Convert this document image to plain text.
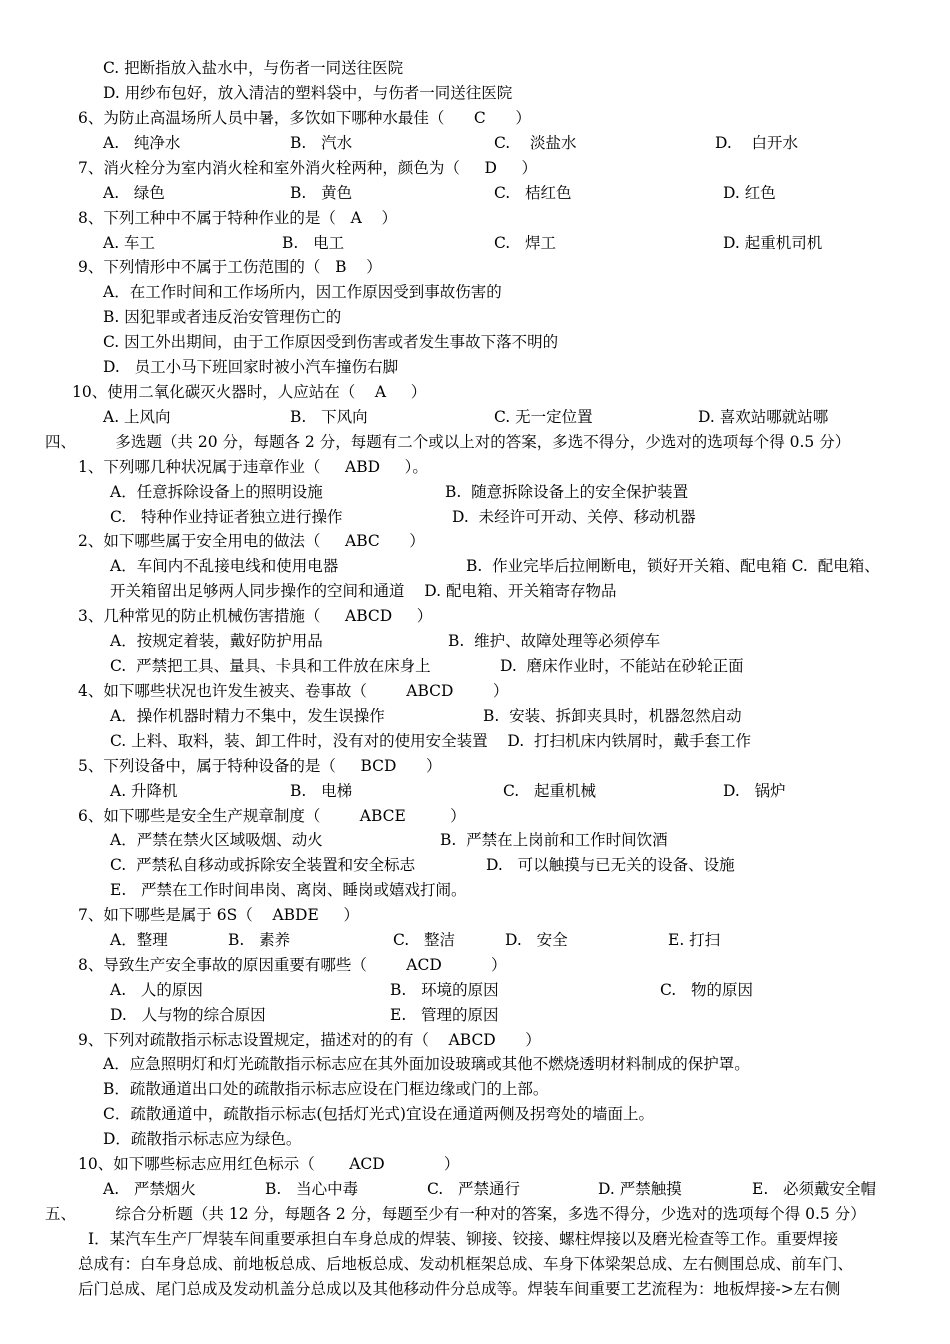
C. 把断指放入盐水中，与伤者一同送往医院
D. 用纱布包好，放入清洁的塑料袋中，与伤者一同送往医院
6、为防止高温场所人员中暑，多饮如下哪种水最佳（      C      ）
A.   纯净水	B.   汽水	C.    淡盐水	D.    白开水
7、消火栓分为室内消火栓和室外消火栓两种，颜色为（     D     ）
A.   绿色	B.   黄色	C.   桔红色	D. 红色
8、下列工种中不属于特种作业的是（   A    ）
A. 车工	B.   电工	C.   焊工	D. 起重机司机
9、下列情形中不属于工伤范围的（   B    ）
A．在工作时间和工作场所内，因工作原因受到事故伤害的
B. 因犯罪或者违反治安管理伤亡的
C. 因工外出期间，由于工作原因受到伤害或者发生事故下落不明的
D.   员工小马下班回家时被小汽车撞伤右脚
10、使用二氧化碳灭火器时，人应站在（    A     ）
A. 上风向	B.   下风向	C. 无一定位置	D. 喜欢站哪就站哪
四、        多选题（共 20 分，每题各 2 分，每题有二个或以上对的答案，多选不得分，少选对的选项每个得 0.5 分）
1、下列哪几种状况属于违章作业（     ABD     ）。
A．任意拆除设备上的照明设施	B.  随意拆除设备上的安全保护装置
C.   特种作业持证者独立进行操作	D.  未经许可开动、关停、移动机器
2、如下哪些属于安全用电的做法（     ABC      ）
A．车间内不乱接电线和使用电器	B.  作业完毕后拉闸断电，锁好开关箱、配电箱 C.  配电箱、
开关箱留出足够两人同步操作的空间和通道    D. 配电箱、开关箱寄存物品
3、几种常见的防止机械伤害措施（     ABCD     ）
A．按规定着装，戴好防护用品	B.  维护、故障处理等必须停车
C.  严禁把工具、量具、卡具和工件放在床身上	D.  磨床作业时，不能站在砂轮正面
4、如下哪些状况也许发生被夹、卷事故（        ABCD        ）
A．操作机器时精力不集中，发生误操作	B.  安装、拆卸夹具时，机器忽然启动
C. 上料、取料，装、卸工件时，没有对的使用安全装置    D.  打扫机床内铁屑时，戴手套工作
5、下列设备中，属于特种设备的是（     BCD      ）
A. 升降机	B.   电梯	C.   起重机械	D.   锅炉
6、如下哪些是安全生产规章制度（        ABCE         ）
A．严禁在禁火区域吸烟、动火	B.  严禁在上岗前和工作时间饮酒
C.  严禁私自移动或拆除安全装置和安全标志	D.   可以触摸与已无关的设备、设施
E.   严禁在工作时间串岗、离岗、睡岗或嬉戏打闹。
7、如下哪些是属于 6S（    ABDE     ）
A．整理	B.   素养	C.   整洁	D.   安全	E. 打扫
8、导致生产安全事故的原因重要有哪些（        ACD          ）
A.   人的原因	B.   环境的原因	C.   物的原因
D.   人与物的综合原因	E.   管理的原因
9、下列对疏散指示标志设置规定，描述对的的有（    ABCD      ）
A．应急照明灯和灯光疏散指示标志应在其外面加设玻璃或其他不燃烧透明材料制成的保护罩。
B．疏散通道出口处的疏散指示标志应设在门框边缘或门的上部。
C．疏散通道中，疏散指示标志(包括灯光式)宜设在通道两侧及拐弯处的墙面上。
D．疏散指示标志应为绿色。
10、如下哪些标志应用红色标示（       ACD            ）
A.   严禁烟火	B.   当心中毒	C.   严禁通行	D. 严禁触摸	E.   必须戴安全帽
五、        综合分析题（共 12 分，每题各 2 分，每题至少有一种对的答案，多选不得分，少选对的选项每个得 0.5 分）
Ⅰ．某汽车生产厂焊装车间重要承担白车身总成的焊装、铆接、铰接、螺柱焊接以及磨光检查等工作。重要焊接
总成有：白车身总成、前地板总成、后地板总成、发动机框架总成、车身下体梁架总成、左右侧围总成、前车门、
后门总成、尾门总成及发动机盖分总成以及其他移动件分总成等。焊装车间重要工艺流程为：地板焊接->左右侧
